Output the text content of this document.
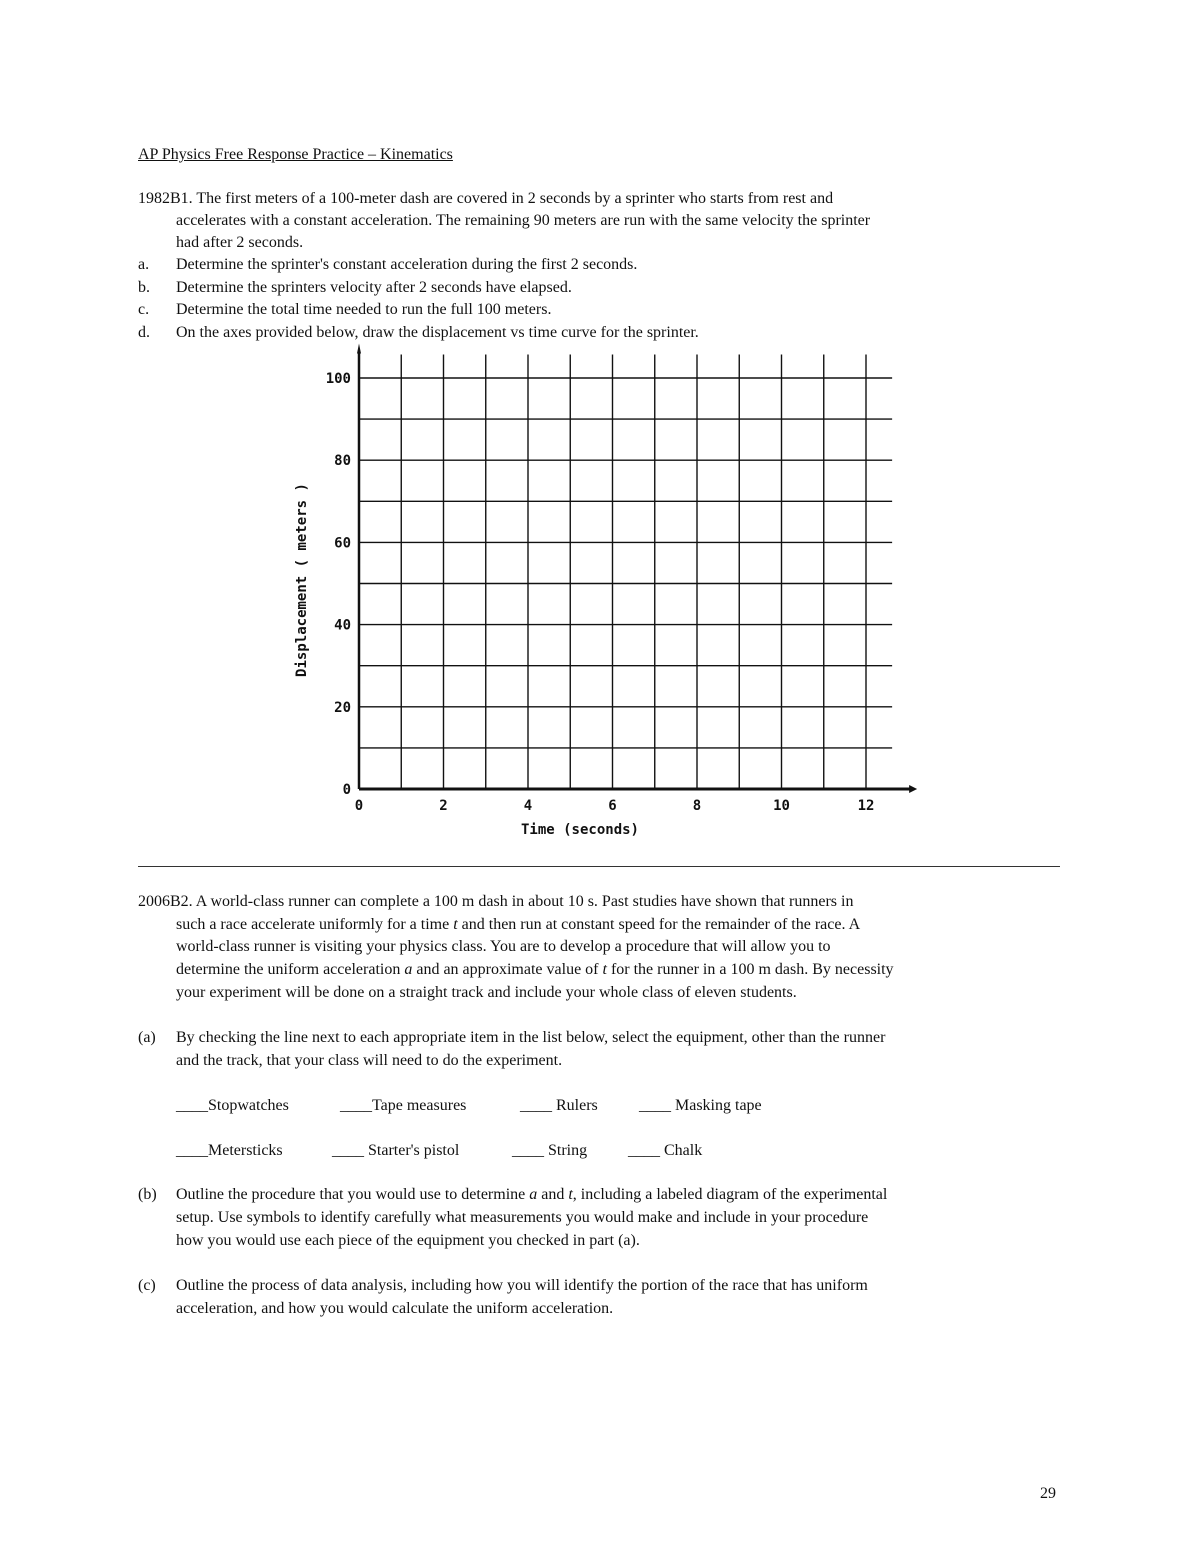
AP Physics Free Response Practice – Kinematics
1982B1. The first meters of a 100-meter dash are covered in 2 seconds by a sprinter who starts from rest and
accelerates with a constant acceleration. The remaining 90 meters are run with the same velocity the sprinter
had after 2 seconds.
a. Determine the sprinter's constant acceleration during the first 2 seconds.
b. Determine the sprinters velocity after 2 seconds have elapsed.
c. Determine the total time needed to run the full 100 meters.
d. On the axes provided below, draw the displacement vs time curve for the sprinter.
0	2	4	6	8	10	12
0
20
40
60
80
100
Time (seconds)
Displacement ( meters )
2006B2. A world-class runner can complete a 100 m dash in about 10 s. Past studies have shown that runners in
such a race accelerate uniformly for a time t and then run at constant speed for the remainder of the race. A
world-class runner is visiting your physics class. You are to develop a procedure that will allow you to
determine the uniform acceleration a and an approximate value of t for the runner in a 100 m dash. By necessity
your experiment will be done on a straight track and include your whole class of eleven students.
(a) By checking the line next to each appropriate item in the list below, select the equipment, other than the runner
and the track, that your class will need to do the experiment.
____Stopwatches	____Tape measures	____ Rulers	____ Masking tape
____Metersticks	____ Starter's pistol	____ String	____ Chalk
(b) Outline the procedure that you would use to determine a and t, including a labeled diagram of the experimental
setup. Use symbols to identify carefully what measurements you would make and include in your procedure
how you would use each piece of the equipment you checked in part (a).
(c) Outline the process of data analysis, including how you will identify the portion of the race that has uniform
acceleration, and how you would calculate the uniform acceleration.
29
